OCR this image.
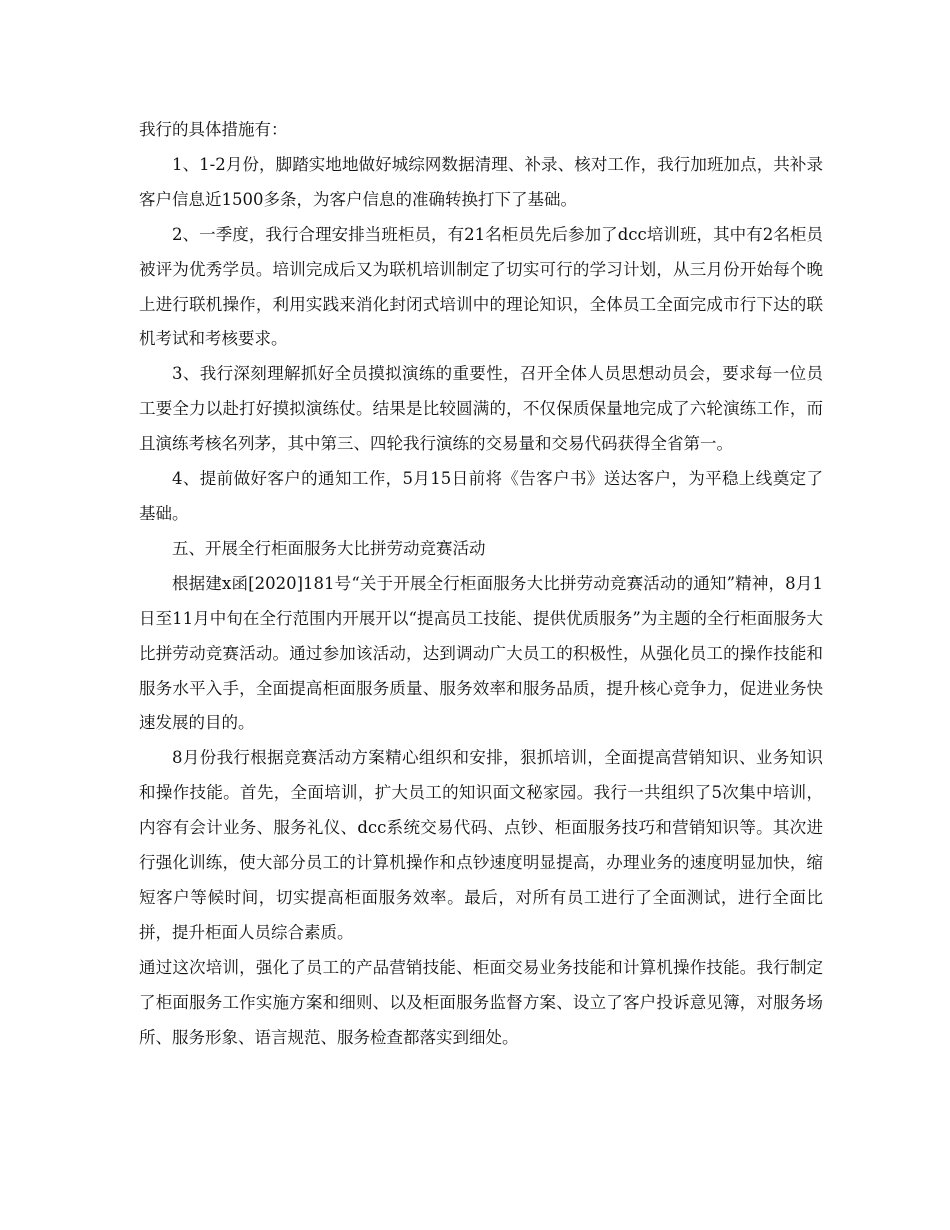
我行的具体措施有：

1、1-2月份，脚踏实地地做好城综网数据清理、补录、核对工作，我行加班加点，共补录客户信息近1500多条，为客户信息的准确转换打下了基础。

2、一季度，我行合理安排当班柜员，有21名柜员先后参加了dcc培训班，其中有2名柜员被评为优秀学员。培训完成后又为联机培训制定了切实可行的学习计划，从三月份开始每个晚上进行联机操作，利用实践来消化封闭式培训中的理论知识，全体员工全面完成市行下达的联机考试和考核要求。

3、我行深刻理解抓好全员摸拟演练的重要性，召开全体人员思想动员会，要求每一位员工要全力以赴打好摸拟演练仗。结果是比较圆满的，不仅保质保量地完成了六轮演练工作，而且演练考核名列茅，其中第三、四轮我行演练的交易量和交易代码获得全省第一。

4、提前做好客户的通知工作，5月15日前将《告客户书》送达客户，为平稳上线奠定了基础。

五、开展全行柜面服务大比拼劳动竞赛活动

根据建x函[2020]181号“关于开展全行柜面服务大比拼劳动竞赛活动的通知”精神，8月1日至11月中旬在全行范围内开展开以“提高员工技能、提供优质服务”为主题的全行柜面服务大比拼劳动竞赛活动。通过参加该活动，达到调动广大员工的积极性，从强化员工的操作技能和服务水平入手，全面提高柜面服务质量、服务效率和服务品质，提升核心竞争力，促进业务快速发展的目的。

8月份我行根据竞赛活动方案精心组织和安排，狠抓培训，全面提高营销知识、业务知识和操作技能。首先，全面培训，扩大员工的知识面文秘家园。我行一共组织了5次集中培训，内容有会计业务、服务礼仪、dcc系统交易代码、点钞、柜面服务技巧和营销知识等。其次进行强化训练，使大部分员工的计算机操作和点钞速度明显提高，办理业务的速度明显加快，缩短客户等候时间，切实提高柜面服务效率。最后，对所有员工进行了全面测试，进行全面比拼，提升柜面人员综合素质。

通过这次培训，强化了员工的产品营销技能、柜面交易业务技能和计算机操作技能。我行制定了柜面服务工作实施方案和细则、以及柜面服务监督方案、设立了客户投诉意见簿，对服务场所、服务形象、语言规范、服务检查都落实到细处。
